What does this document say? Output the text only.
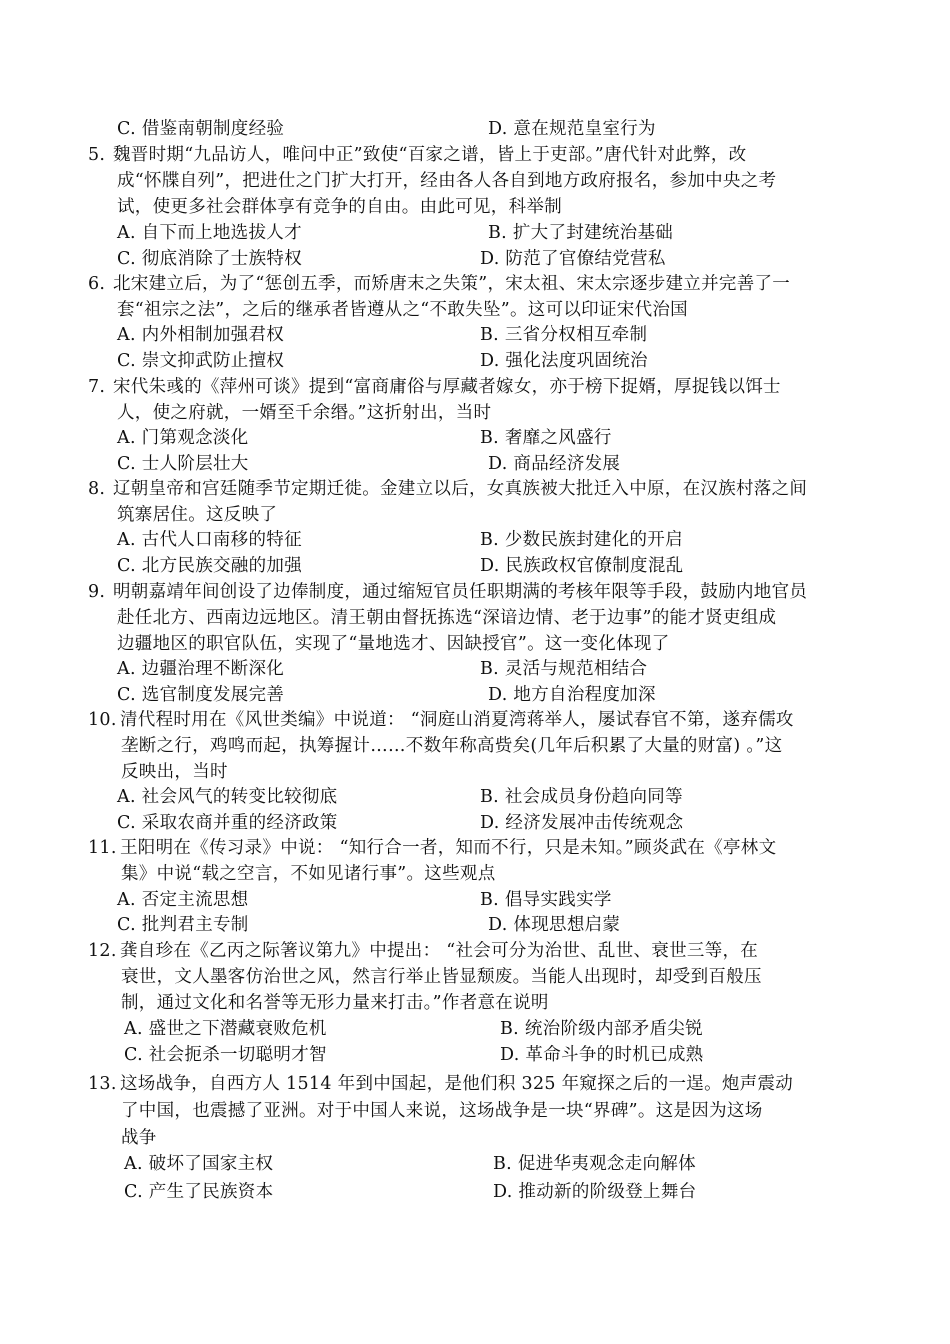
C. 借鉴南朝制度经验	D. 意在规范皇室行为
5. 魏晋时期“九品访人，唯问中正”致使“百家之谱，皆上于吏部。”唐代针对此弊，改
成“怀牒自列”，把进仕之门扩大打开，经由各人各自到地方政府报名，参加中央之考
试，使更多社会群体享有竞争的自由。由此可见，科举制
A. 自下而上地选拔人才	B. 扩大了封建统治基础
C. 彻底消除了士族特权	D. 防范了官僚结党营私
6. 北宋建立后，为了“惩创五季，而矫唐末之失策”，宋太祖、宋太宗逐步建立并完善了一
套“祖宗之法”，之后的继承者皆遵从之“不敢失坠”。这可以印证宋代治国
A. 内外相制加强君权	B. 三省分权相互牵制
C. 崇文抑武防止擅权	D. 强化法度巩固统治
7. 宋代朱彧的《萍州可谈》提到“富商庸俗与厚藏者嫁女，亦于榜下捉婿，厚捉钱以饵士
人，使之府就，一婿至千余缗。”这折射出，当时
A. 门第观念淡化	B. 奢靡之风盛行
C. 士人阶层壮大	D. 商品经济发展
8. 辽朝皇帝和宫廷随季节定期迁徙。金建立以后，女真族被大批迁入中原，在汉族村落之间
筑寨居住。这反映了
A. 古代人口南移的特征	B. 少数民族封建化的开启
C. 北方民族交融的加强	D. 民族政权官僚制度混乱
9. 明朝嘉靖年间创设了边俸制度，通过缩短官员任职期满的考核年限等手段，鼓励内地官员
赴任北方、西南边远地区。清王朝由督抚拣选“深谙边情、老于边事”的能才贤吏组成
边疆地区的职官队伍，实现了“量地选才、因缺授官”。这一变化体现了
A. 边疆治理不断深化	B. 灵活与规范相结合
C. 选官制度发展完善	D. 地方自治程度加深
10. 清代程时用在《风世类编》中说道： “洞庭山消夏湾蒋举人，屡试春官不第，遂弃儒攻
垄断之行，鸡鸣而起，执筹握计……不数年称高赀矣(几年后积累了大量的财富) 。”这
反映出，当时
A. 社会风气的转变比较彻底	B. 社会成员身份趋向同等
C. 采取农商并重的经济政策	D. 经济发展冲击传统观念
11. 王阳明在《传习录》中说： “知行合一者，知而不行，只是未知。”顾炎武在《亭林文
集》中说“载之空言，不如见诸行事”。这些观点
A. 否定主流思想	B. 倡导实践实学
C. 批判君主专制	D. 体现思想启蒙
12. 龚自珍在《乙丙之际箸议第九》中提出： “社会可分为治世、乱世、衰世三等，在
衰世，文人墨客仿治世之风，然言行举止皆显颓废。当能人出现时，却受到百般压
制，通过文化和名誉等无形力量来打击。”作者意在说明
A. 盛世之下潜藏衰败危机	B. 统治阶级内部矛盾尖锐
C. 社会扼杀一切聪明才智	D. 革命斗争的时机已成熟
13. 这场战争，自西方人 1514 年到中国起，是他们积 325 年窥探之后的一逞。炮声震动
了中国，也震撼了亚洲。对于中国人来说，这场战争是一块“界碑”。这是因为这场
战争
A. 破坏了国家主权	B. 促进华夷观念走向解体
C. 产生了民族资本	D. 推动新的阶级登上舞台
